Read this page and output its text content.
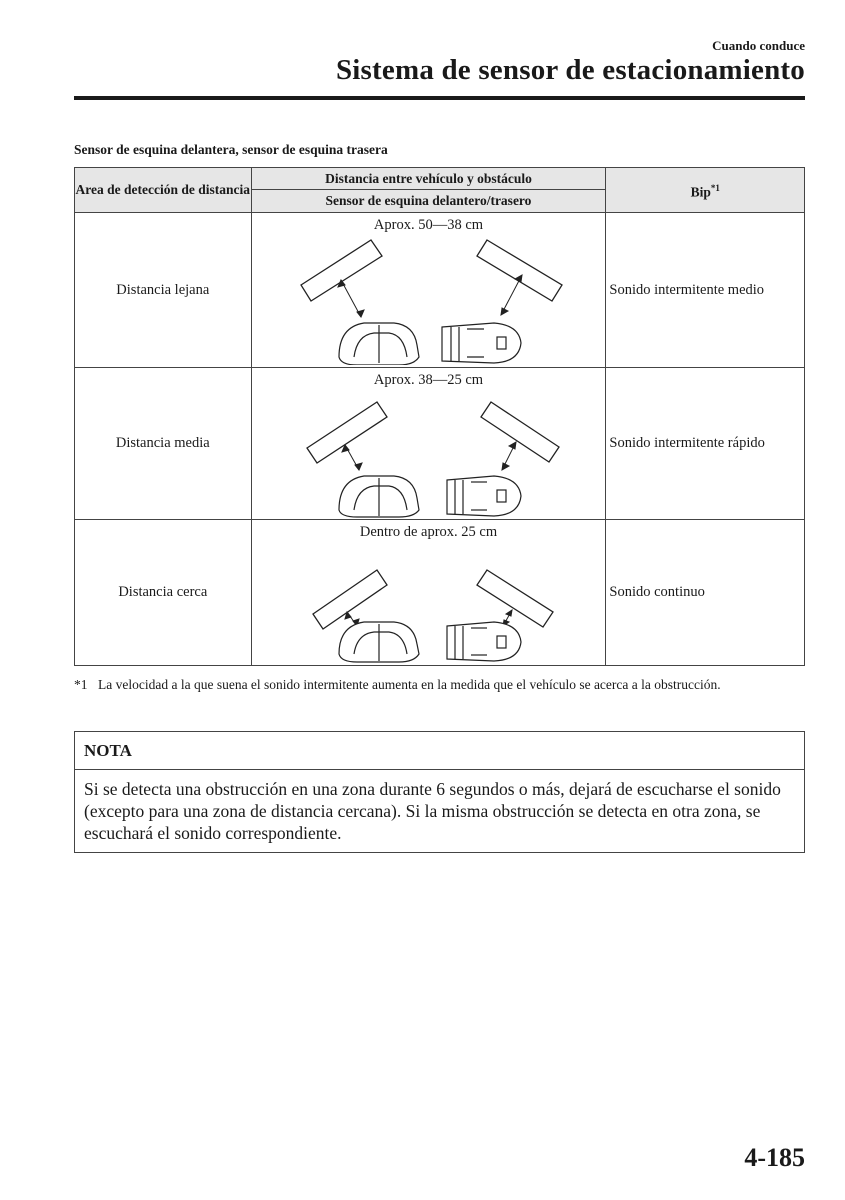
Cuando conduce
Sistema de sensor de estacionamiento
Sensor de esquina delantera, sensor de esquina trasera
Area de detección de distancia	Distancia entre vehículo y obstáculo	Bip$^{*1}$
	Sensor de esquina delantero/trasero	
Distancia lejana	Aprox. 50―38 cm	Sonido intermitente medio
Distancia media	Aprox. 38―25 cm	Sonido intermitente rápido
Distancia cerca	Dentro de aprox. 25 cm	Sonido continuo
*1 La velocidad a la que suena el sonido intermitente aumenta en la medida que el vehículo se acerca a la obstrucción.
NOTA
Si se detecta una obstrucción en una zona durante 6 segundos o más, dejará de escucharse el sonido (excepto para una zona de distancia cercana). Si la misma obstrucción se detecta en otra zona, se escuchará el sonido correspondiente.
4-185
